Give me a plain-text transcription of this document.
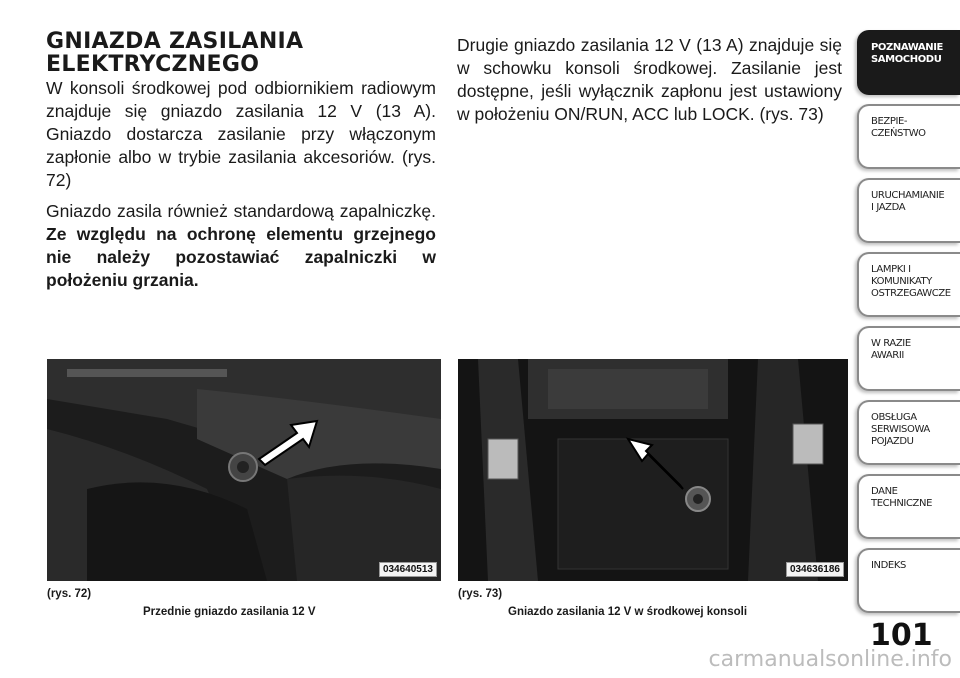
GNIAZDA ZASILANIA
ELEKTRYCZNEGO

W konsoli środkowej pod odbiornikiem radiowym znajduje się gniazdo zasilania 12 V (13 A). Gniazdo dostarcza zasilanie przy włączonym zapłonie albo w trybie zasilania akcesoriów. (rys. 72)

Gniazdo zasila również standardową zapalniczkę. Ze względu na ochronę elementu grzejnego nie należy pozostawiać zapalniczki w położeniu grzania.

Drugie gniazdo zasilania 12 V (13 A) znajduje się w schowku konsoli środkowej. Zasilanie jest dostępne, jeśli wyłącznik zapłonu jest ustawiony w położeniu ON/RUN, ACC lub LOCK. (rys. 73)

034640513	034636186
(rys. 72)
Przednie gniazdo zasilania 12 V
(rys. 73)
Gniazdo zasilania 12 V w środkowej konsoli
POZNAWANIE
SAMOCHODU
BEZPIE-
CZEŃSTWO
URUCHAMIANIE
I JAZDA
LAMPKI I
KOMUNIKATY
OSTRZEGAWCZE
W RAZIE
AWARII
OBSŁUGA
SERWISOWA
POJAZDU
DANE
TECHNICZNE
INDEKS
101
carmanualsonline.info
